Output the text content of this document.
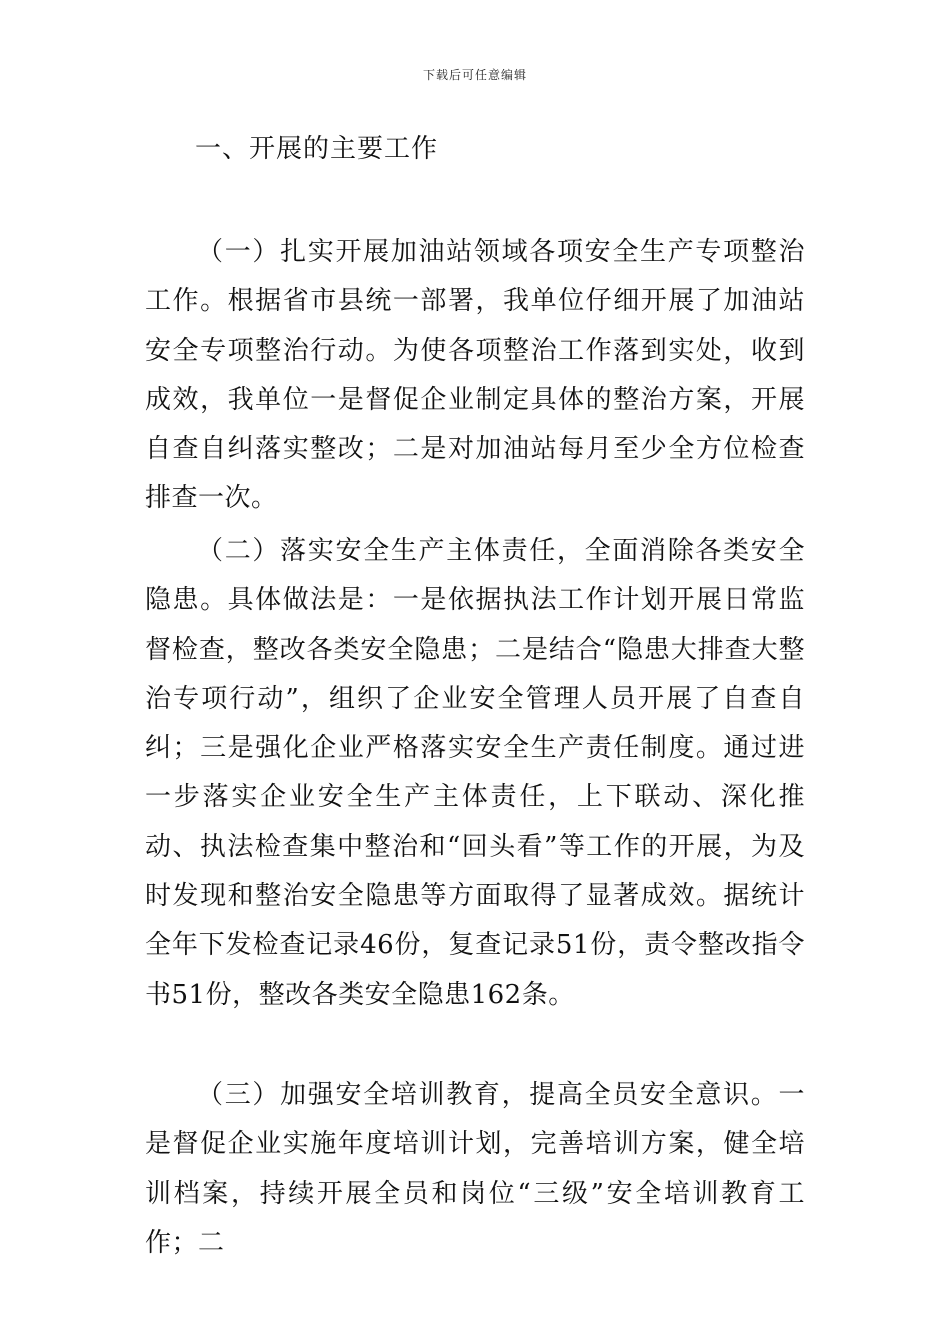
下载后可任意编辑
一、开展的主要工作

（一）扎实开展加油站领域各项安全生产专项整治工作。根据省市县统一部署，我单位仔细开展了加油站安全专项整治行动。为使各项整治工作落到实处，收到成效，我单位一是督促企业制定具体的整治方案，开展自查自纠落实整改；二是对加油站每月至少全方位检查排查一次。

（二）落实安全生产主体责任，全面消除各类安全隐患。具体做法是：一是依据执法工作计划开展日常监督检查，整改各类安全隐患；二是结合“隐患大排查大整治专项行动”，组织了企业安全管理人员开展了自查自纠；三是强化企业严格落实安全生产责任制度。通过进一步落实企业安全生产主体责任，上下联动、深化推动、执法检查集中整治和“回头看”等工作的开展，为及时发现和整治安全隐患等方面取得了显著成效。据统计全年下发检查记录46份，复查记录51份，责令整改指令书51份，整改各类安全隐患162条。

（三）加强安全培训教育，提高全员安全意识。一是督促企业实施年度培训计划，完善培训方案，健全培训档案，持续开展全员和岗位“三级”安全培训教育工作；二
